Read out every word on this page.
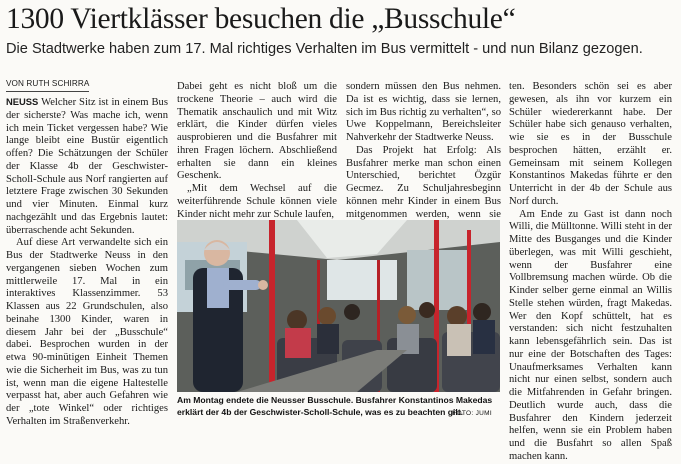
1300 Viertklässer besuchen die „Busschule“
Die Stadtwerke haben zum 17. Mal richtiges Verhalten im Bus vermittelt - und nun Bilanz gezogen.
VON RUTH SCHIRRA

NEUSS Welcher Sitz ist in einem Bus der sicherste? Was mache ich, wenn ich mein Ticket vergessen habe? Wie lange bleibt eine Bustür eigentlich offen? Die Schätzungen der Schüler der Klasse 4b der Geschwister-Scholl-Schule aus Norf rangierten auf letztere Frage zwischen 30 Sekunden und vier Minuten. Einmal kurz nachgezählt und das Ergebnis lautet: überraschende acht Sekunden.

Auf diese Art verwandelte sich ein Bus der Stadtwerke Neuss in den vergangenen sieben Wochen zum mittlerweile 17. Mal in ein interaktives Klassenzimmer. 53 Klassen aus 22 Grundschulen, also beinahe 1300 Kinder, waren in diesem Jahr bei der „Busschule“ dabei. Besprochen wurden in der etwa 90-minütigen Einheit Themen wie die Sicherheit im Bus, was zu tun ist, wenn man die eigene Haltestelle verpasst hat, aber auch Gefahren wie der „tote Winkel“ oder richtiges Verhalten im Straßenverkehr.

Dabei geht es nicht bloß um die trockene Theorie – auch wird die Thematik anschaulich und mit Witz erklärt, die Kinder dürfen vieles ausprobieren und die Busfahrer mit ihren Fragen löchern. Abschließend erhalten sie dann ein kleines Geschenk.

„Mit dem Wechsel auf die weiterführende Schule können viele Kinder nicht mehr zur Schule laufen,

sondern müssen den Bus nehmen. Da ist es wichtig, dass sie lernen, sich im Bus richtig zu verhalten“, so Uwe Koppelmann, Bereichsleiter Nahverkehr der Stadtwerke Neuss.

Das Projekt hat Erfolg: Als Busfahrer merke man schon einen Unterschied, berichtet Özgür Gecmez. Zu Schuljahresbeginn können mehr Kinder in einem Bus mitgenommen werden, wenn sie

Am Montag endete die Neusser Busschule. Busfahrer Konstantinos Makedas erklärt der 4b der Geschwister-Scholl-Schule, was es zu beachten gilt.
FOTO: JUMI

ten. Besonders schön sei es aber gewesen, als ihn vor kurzem ein Schüler wiedererkannt habe. Der Schüler habe sich genauso verhalten, wie sie es in der Busschule besprochen hätten, erzählt er. Gemeinsam mit seinem Kollegen Konstantinos Makedas führte er den Unterricht in der 4b der Schule aus Norf durch.

Am Ende zu Gast ist dann noch Willi, die Mülltonne. Willi steht in der Mitte des Busganges und die Kinder überlegen, was mit Willi geschieht, wenn der Busfahrer eine Vollbremsung machen würde. Ob die Kinder selber gerne einmal an Willis Stelle stehen würden, fragt Makedas. Wer den Kopf schüttelt, hat es verstanden: sich nicht festzuhalten kann lebensgefährlich sein. Das ist nur eine der Botschaften des Tages: Unaufmerksames Verhalten kann nicht nur einen selbst, sondern auch die Mitfahrenden in Gefahr bringen. Deutlich wurde auch, dass die Busfahrer den Kindern jederzeit helfen, wenn sie ein Problem haben und die Busfahrt so allen Spaß machen kann.
